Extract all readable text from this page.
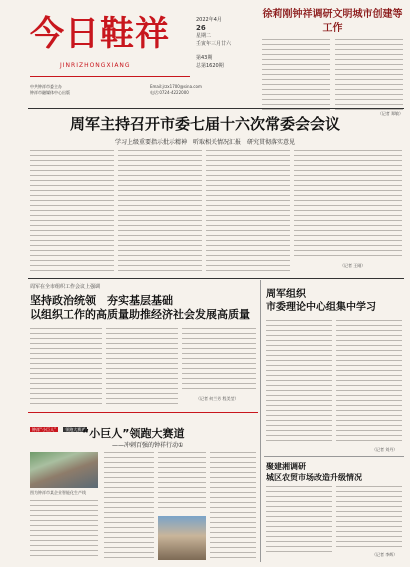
今日鞋祥
JINRIZHONGXIANG
中共钟祥市委主办
钟祥市融媒体中心出版
Email:jrzx1700@sina.com
电话:0724-4222000
2022年4月
26
星期二
壬寅年三月廿六
第43期
总第1620期
徐莉刚钟祥调研文明城市创建等工作
（记者 郑敏）
周军主持召开市委七届十六次常委会会议
学习上级重要指示批示精神　听取相关情况汇报　研究贯彻落实意见
（记者 王刚）
周军在全市组织工作会议上强调
坚持政治统领　夯实基层基础
以组织工作的高质量助推经济社会发展高质量
（记者 何兰芳 程美莹）
周军组织
市委理论中心组集中学习
（记者 刘丹）
聚建湘调研
城区农贸市场改造升级情况
（记者 李辉）
钟祥“小巨人” 领跑大赛道
“小巨人”领跑大赛道
——冲刺百强的钟祥行动①
图为钟祥市某企业智能化生产线
